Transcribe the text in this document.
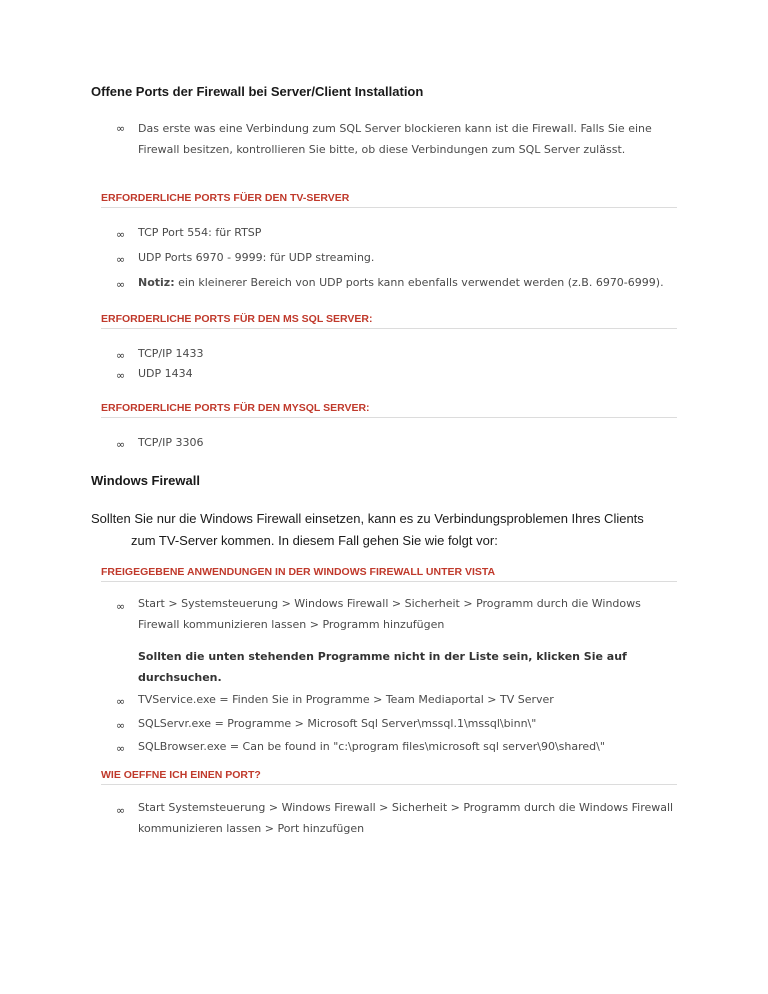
Offene Ports der Firewall bei Server/Client Installation
∞ Das erste was eine Verbindung zum SQL Server blockieren kann ist die Firewall. Falls Sie eine Firewall besitzen, kontrollieren Sie bitte, ob diese Verbindungen zum SQL Server zulässt.
ERFORDERLICHE PORTS FÜER DEN TV-SERVER
∞ TCP Port 554: für RTSP
∞ UDP Ports 6970 - 9999: für UDP streaming.
∞ Notiz: ein kleinerer Bereich von UDP ports kann ebenfalls verwendet werden (z.B. 6970-6999).
ERFORDERLICHE PORTS FÜR DEN MS SQL SERVER:
∞ TCP/IP 1433
∞ UDP 1434
ERFORDERLICHE PORTS FÜR DEN MYSQL SERVER:
∞ TCP/IP 3306
Windows Firewall
Sollten Sie nur die Windows Firewall einsetzen, kann es zu Verbindungsproblemen Ihres Clients
zum TV-Server kommen. In diesem Fall gehen Sie wie folgt vor:
FREIGEGEBENE ANWENDUNGEN IN DER WINDOWS FIREWALL UNTER VISTA
∞ Start > Systemsteuerung > Windows Firewall > Sicherheit > Programm durch die Windows Firewall kommunizieren lassen > Programm hinzufügen
Sollten die unten stehenden Programme nicht in der Liste sein, klicken Sie auf durchsuchen.
∞ TVService.exe = Finden Sie in Programme > Team Mediaportal > TV Server
∞ SQLServr.exe = Programme > Microsoft Sql Server\mssql.1\mssql\binn\"
∞ SQLBrowser.exe = Can be found in "c:\program files\microsoft sql server\90\shared\"
WIE OEFFNE ICH EINEN PORT?
∞ Start Systemsteuerung > Windows Firewall > Sicherheit > Programm durch die Windows Firewall kommunizieren lassen > Port hinzufügen
